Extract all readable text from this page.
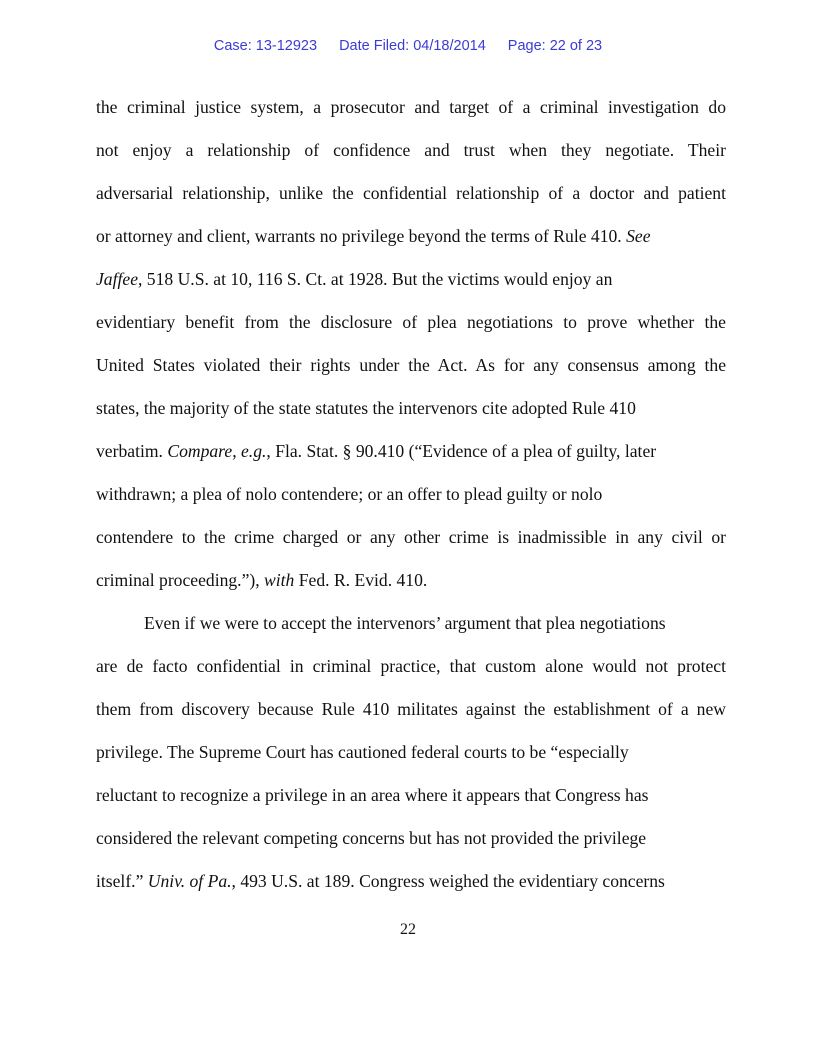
Case: 13-12923 Date Filed: 04/18/2014 Page: 22 of 23
the criminal justice system, a prosecutor and target of a criminal investigation do
not enjoy a relationship of confidence and trust when they negotiate. Their
adversarial relationship, unlike the confidential relationship of a doctor and patient
or attorney and client, warrants no privilege beyond the terms of Rule 410. See
Jaffee, 518 U.S. at 10, 116 S. Ct. at 1928. But the victims would enjoy an
evidentiary benefit from the disclosure of plea negotiations to prove whether the
United States violated their rights under the Act. As for any consensus among the
states, the majority of the state statutes the intervenors cite adopted Rule 410
verbatim. Compare, e.g., Fla. Stat. § 90.410 (“Evidence of a plea of guilty, later
withdrawn; a plea of nolo contendere; or an offer to plead guilty or nolo
contendere to the crime charged or any other crime is inadmissible in any civil or
criminal proceeding.”), with Fed. R. Evid. 410.
Even if we were to accept the intervenors’ argument that plea negotiations
are de facto confidential in criminal practice, that custom alone would not protect
them from discovery because Rule 410 militates against the establishment of a new
privilege. The Supreme Court has cautioned federal courts to be “especially
reluctant to recognize a privilege in an area where it appears that Congress has
considered the relevant competing concerns but has not provided the privilege
itself.” Univ. of Pa., 493 U.S. at 189. Congress weighed the evidentiary concerns
22
